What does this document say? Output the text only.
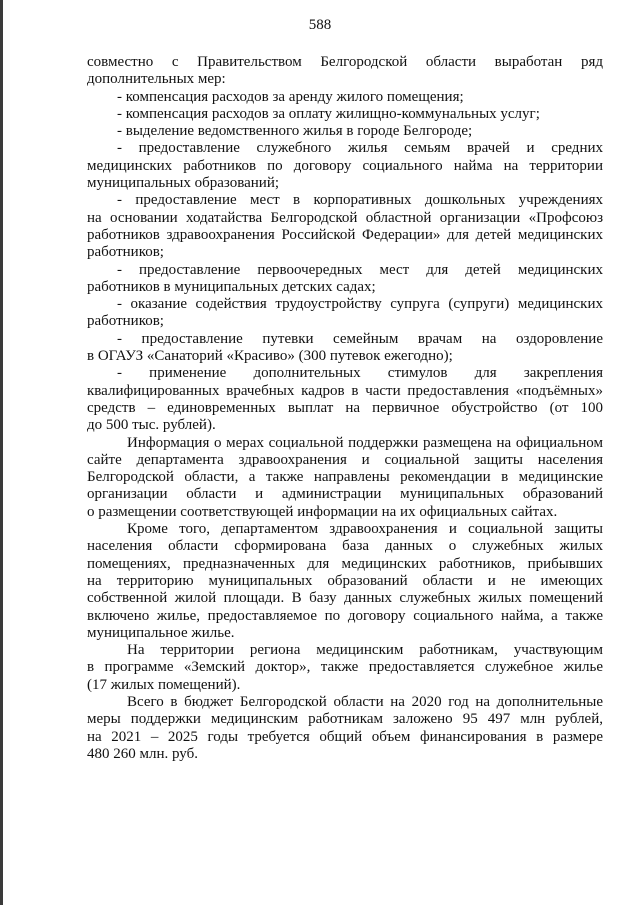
588
совместно с Правительством Белгородской области выработан ряд
дополнительных мер:
- компенсация расходов за аренду жилого помещения;
- компенсация расходов за оплату жилищно-коммунальных услуг;
- выделение ведомственного жилья в городе Белгороде;
- предоставление служебного жилья семьям врачей и средних
медицинских работников по договору социального найма на территории
муниципальных образований;
- предоставление мест в корпоративных дошкольных учреждениях
на основании ходатайства Белгородской областной организации «Профсоюз
работников здравоохранения Российской Федерации» для детей медицинских
работников;
- предоставление первоочередных мест для детей медицинских
работников в муниципальных детских садах;
- оказание содействия трудоустройству супруга (супруги) медицинских
работников;
- предоставление путевки семейным врачам на оздоровление
в ОГАУЗ «Санаторий «Красиво» (300 путевок ежегодно);
- применение дополнительных стимулов для закрепления
квалифицированных врачебных кадров в части предоставления «подъёмных»
средств – единовременных выплат на первичное обустройство (от 100
до 500 тыс. рублей).
Информация о мерах социальной поддержки размещена на официальном
сайте департамента здравоохранения и социальной защиты населения
Белгородской области, а также направлены рекомендации в медицинские
организации области и администрации муниципальных образований
о размещении соответствующей информации на их официальных сайтах.
Кроме того, департаментом здравоохранения и социальной защиты
населения области сформирована база данных о служебных жилых
помещениях, предназначенных для медицинских работников, прибывших
на территорию муниципальных образований области и не имеющих
собственной жилой площади. В базу данных служебных жилых помещений
включено жилье, предоставляемое по договору социального найма, а также
муниципальное жилье.
На территории региона медицинским работникам, участвующим
в программе «Земский доктор», также предоставляется служебное жилье
(17 жилых помещений).
Всего в бюджет Белгородской области на 2020 год на дополнительные
меры поддержки медицинским работникам заложено 95 497 млн рублей,
на 2021 – 2025 годы требуется общий объем финансирования в размере
480 260 млн. руб.
